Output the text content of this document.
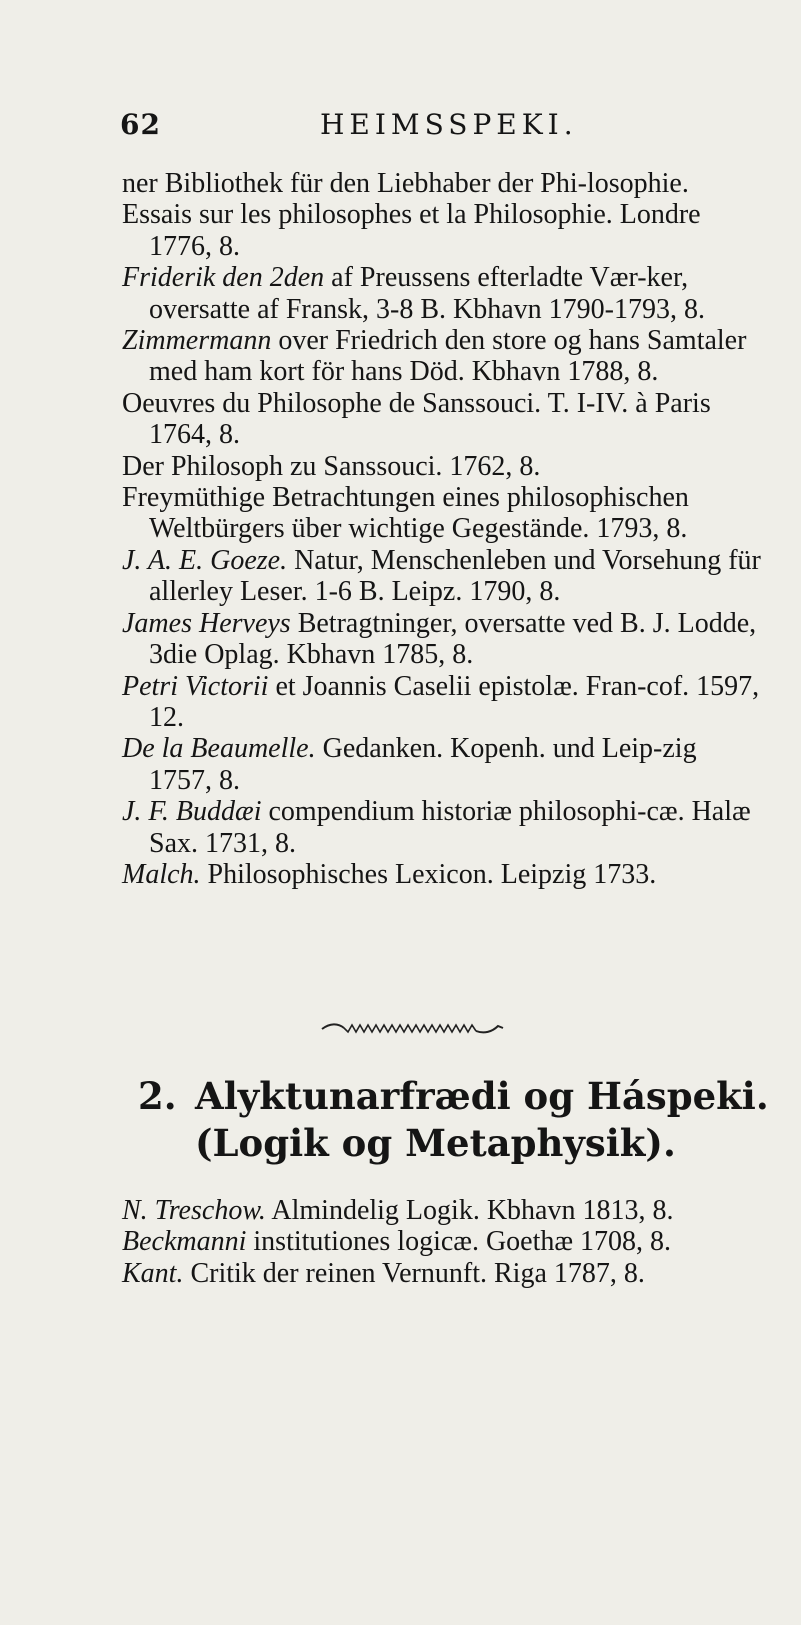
62	HEIMSSPEKI.

ner Bibliothek für den Liebhaber der Phi-losophie.

Essais sur les philosophes et la Philosophie. Londre 1776, 8.

Friderik den 2den af Preussens efterladte Vær-ker, oversatte af Fransk, 3-8 B. Kbhavn 1790-1793, 8.

Zimmermann over Friedrich den store og hans Samtaler med ham kort för hans Död. Kbhavn 1788, 8.

Oeuvres du Philosophe de Sanssouci. T. I-IV. à Paris 1764, 8.

Der Philosoph zu Sanssouci. 1762, 8.

Freymüthige Betrachtungen eines philosophischen Weltbürgers über wichtige Gegestände. 1793, 8.

J. A. E. Goeze. Natur, Menschenleben und Vorsehung für allerley Leser. 1-6 B. Leipz. 1790, 8.

James Herveys Betragtninger, oversatte ved B. J. Lodde, 3die Oplag. Kbhavn 1785, 8.

Petri Victorii et Joannis Caselii epistolæ. Fran-cof. 1597, 12.

De la Beaumelle. Gedanken. Kopenh. und Leip-zig 1757, 8.

J. F. Buddæi compendium historiæ philosophi-cæ. Halæ Sax. 1731, 8.

Malch. Philosophisches Lexicon. Leipzig 1733.

2. Alyktunarfrædi og Háspeki.
(Logik og Metaphysik).

N. Treschow. Almindelig Logik. Kbhavn 1813, 8.

Beckmanni institutiones logicæ. Goethæ 1708, 8.

Kant. Critik der reinen Vernunft. Riga 1787, 8.
